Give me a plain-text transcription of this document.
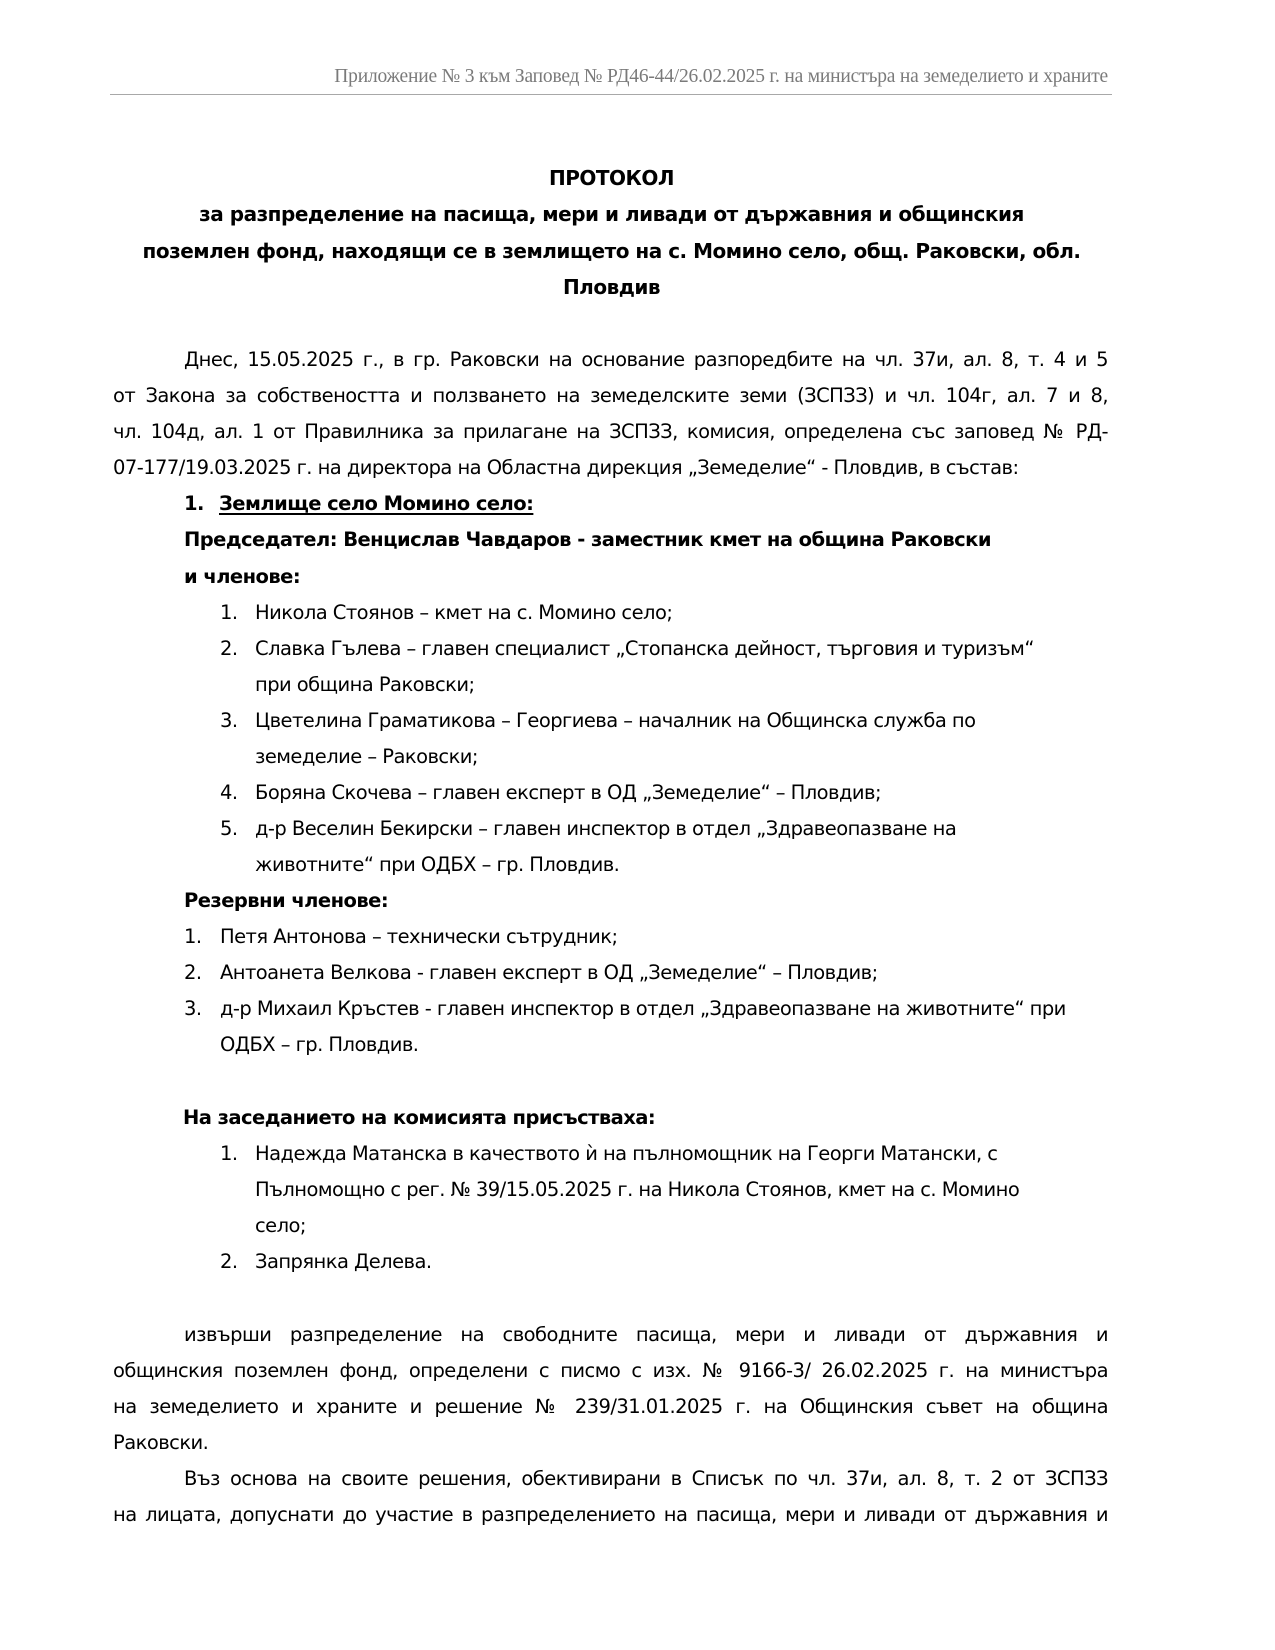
Приложение № 3 към Заповед № РД46-44/26.02.2025 г. на министъра на земеделието и храните
ПРОТОКОЛ
за разпределение на пасища, мери и ливади от държавния и общинския
поземлен фонд, находящи се в землището на с. Момино село, общ. Раковски, обл.
Пловдив
Днес, 15.05.2025 г., в гр. Раковски на основание разпоредбите на чл. 37и, ал. 8, т. 4 и 5
от Закона за собствеността и ползването на земеделските земи (ЗСПЗЗ) и чл. 104г, ал. 7 и 8,
чл. 104д, ал. 1 от Правилника за прилагане на ЗСПЗЗ, комисия, определена със заповед № РД-
07-177/19.03.2025 г. на директора на Областна дирекция „Земеделие“ - Пловдив, в състав:
1. Землище село Момино село:
Председател: Венцислав Чавдаров - заместник кмет на община Раковски
и членове:
1. Никола Стоянов – кмет на с. Момино село;
2. Славка Гълева – главен специалист „Стопанска дейност, търговия и туризъм“
при община Раковски;
3. Цветелина Граматикова – Георгиева – началник на Общинска служба по
земеделие – Раковски;
4. Боряна Скочева – главен експерт в ОД „Земеделие“ – Пловдив;
5. д-р Веселин Бекирски – главен инспектор в отдел „Здравеопазване на
животните“ при ОДБХ – гр. Пловдив.
Резервни членове:
1. Петя Антонова – технически сътрудник;
2. Антоанета Велкова - главен експерт в ОД „Земеделие“ – Пловдив;
3. д-р Михаил Кръстев - главен инспектор в отдел „Здравеопазване на животните“ при
ОДБХ – гр. Пловдив.
На заседанието на комисията присъстваха:
1. Надежда Матанска в качеството ѝ на пълномощник на Георги Матански, с
Пълномощно с рег. № 39/15.05.2025 г. на Никола Стоянов, кмет на с. Момино
село;
2. Запрянка Делева.
извърши разпределение на свободните пасища, мери и ливади от държавния и
общинския поземлен фонд, определени с писмо с изх. № 9166-3/ 26.02.2025 г. на министъра
на земеделието и храните и решение № 239/31.01.2025 г. на Общинския съвет на община
Раковски.
Въз основа на своите решения, обективирани в Списък по чл. 37и, ал. 8, т. 2 от ЗСПЗЗ
на лицата, допуснати до участие в разпределението на пасища, мери и ливади от държавния и
